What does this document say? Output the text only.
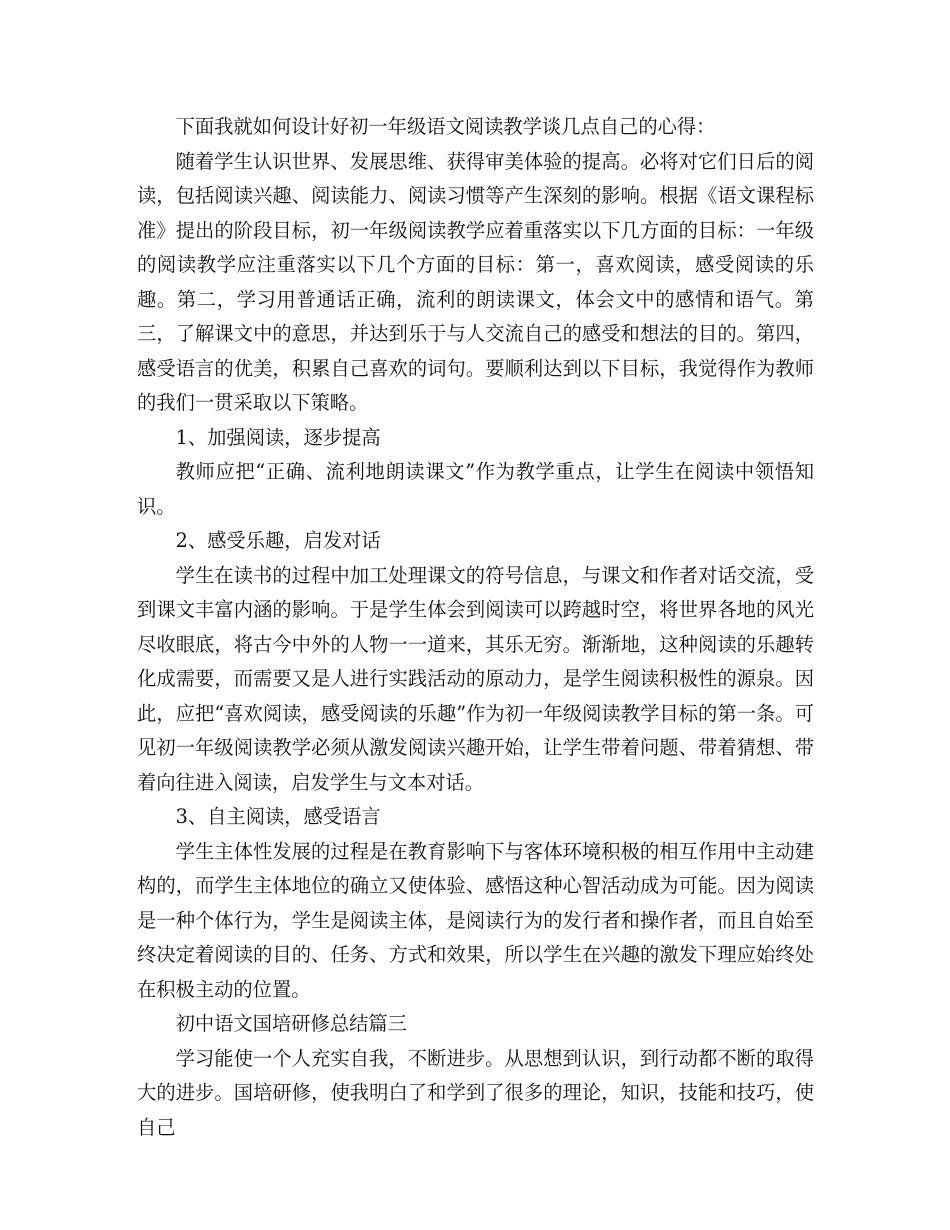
下面我就如何设计好初一年级语文阅读教学谈几点自己的心得：

随着学生认识世界、发展思维、获得审美体验的提高。必将对它们日后的阅读，包括阅读兴趣、阅读能力、阅读习惯等产生深刻的影响。根据《语文课程标准》提出的阶段目标，初一年级阅读教学应着重落实以下几方面的目标：一年级的阅读教学应注重落实以下几个方面的目标：第一，喜欢阅读，感受阅读的乐趣。第二，学习用普通话正确，流利的朗读课文，体会文中的感情和语气。第三，了解课文中的意思，并达到乐于与人交流自己的感受和想法的目的。第四，感受语言的优美，积累自己喜欢的词句。要顺利达到以下目标，我觉得作为教师的我们一贯采取以下策略。

1、加强阅读，逐步提高

教师应把“正确、流利地朗读课文”作为教学重点，让学生在阅读中领悟知识。

2、感受乐趣，启发对话

学生在读书的过程中加工处理课文的符号信息，与课文和作者对话交流，受到课文丰富内涵的影响。于是学生体会到阅读可以跨越时空，将世界各地的风光尽收眼底，将古今中外的人物一一道来，其乐无穷。渐渐地，这种阅读的乐趣转化成需要，而需要又是人进行实践活动的原动力，是学生阅读积极性的源泉。因此，应把“喜欢阅读，感受阅读的乐趣”作为初一年级阅读教学目标的第一条。可见初一年级阅读教学必须从激发阅读兴趣开始，让学生带着问题、带着猜想、带着向往进入阅读，启发学生与文本对话。

3、自主阅读，感受语言

学生主体性发展的过程是在教育影响下与客体环境积极的相互作用中主动建构的，而学生主体地位的确立又使体验、感悟这种心智活动成为可能。因为阅读是一种个体行为，学生是阅读主体，是阅读行为的发行者和操作者，而且自始至终决定着阅读的目的、任务、方式和效果，所以学生在兴趣的激发下理应始终处在积极主动的位置。

初中语文国培研修总结篇三

学习能使一个人充实自我，不断进步。从思想到认识，到行动都不断的取得大的进步。国培研修，使我明白了和学到了很多的理论，知识，技能和技巧，使自己
